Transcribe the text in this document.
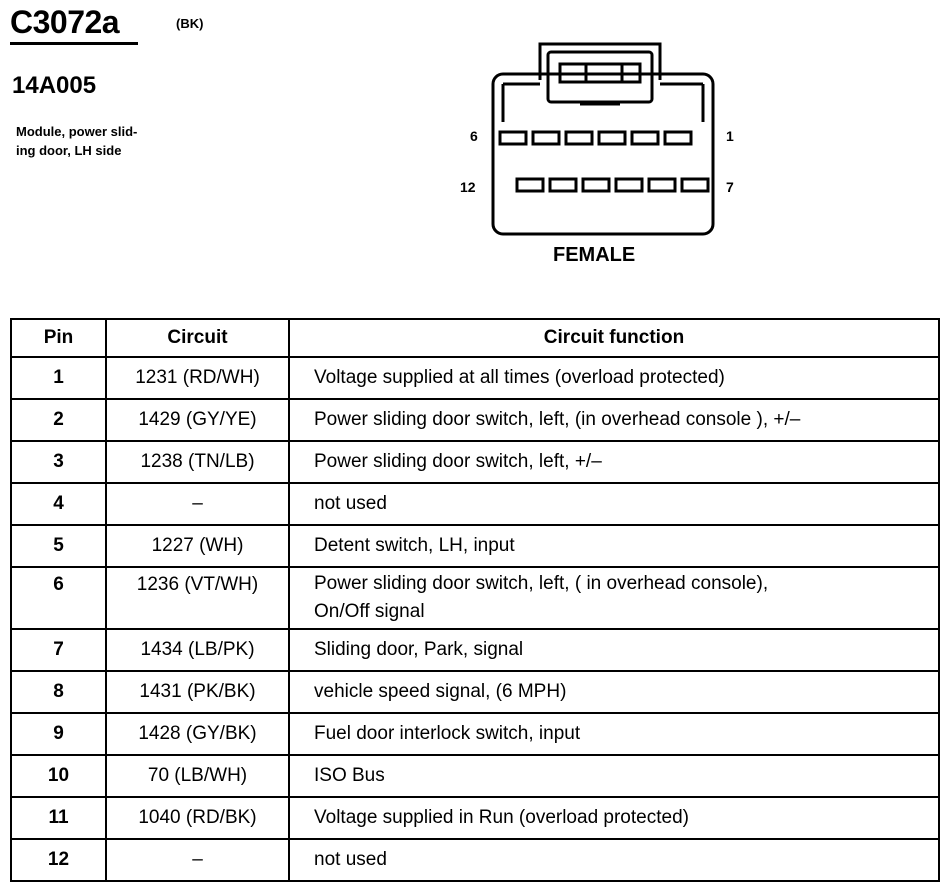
C3072a	(BK)
14A005
Module, power slid-
ing door, LH side
6	1
12	7
FEMALE
Pin	Circuit	Circuit function
1	1231 (RD/WH)	Voltage supplied at all times (overload protected)
2	1429 (GY/YE)	Power sliding door switch, left, (in overhead console ), +/–
3	1238 (TN/LB)	Power sliding door switch, left, +/–
4	–	not used
5	1227 (WH)	Detent switch, LH, input
6	1236 (VT/WH)	Power sliding door switch, left, ( in overhead console),
On/Off signal

7	1434 (LB/PK)	Sliding door, Park, signal
8	1431 (PK/BK)	vehicle speed signal, (6 MPH)
9	1428 (GY/BK)	Fuel door interlock switch, input
10	70 (LB/WH)	ISO Bus
11	1040 (RD/BK)	Voltage supplied in Run (overload protected)
12	–	not used
